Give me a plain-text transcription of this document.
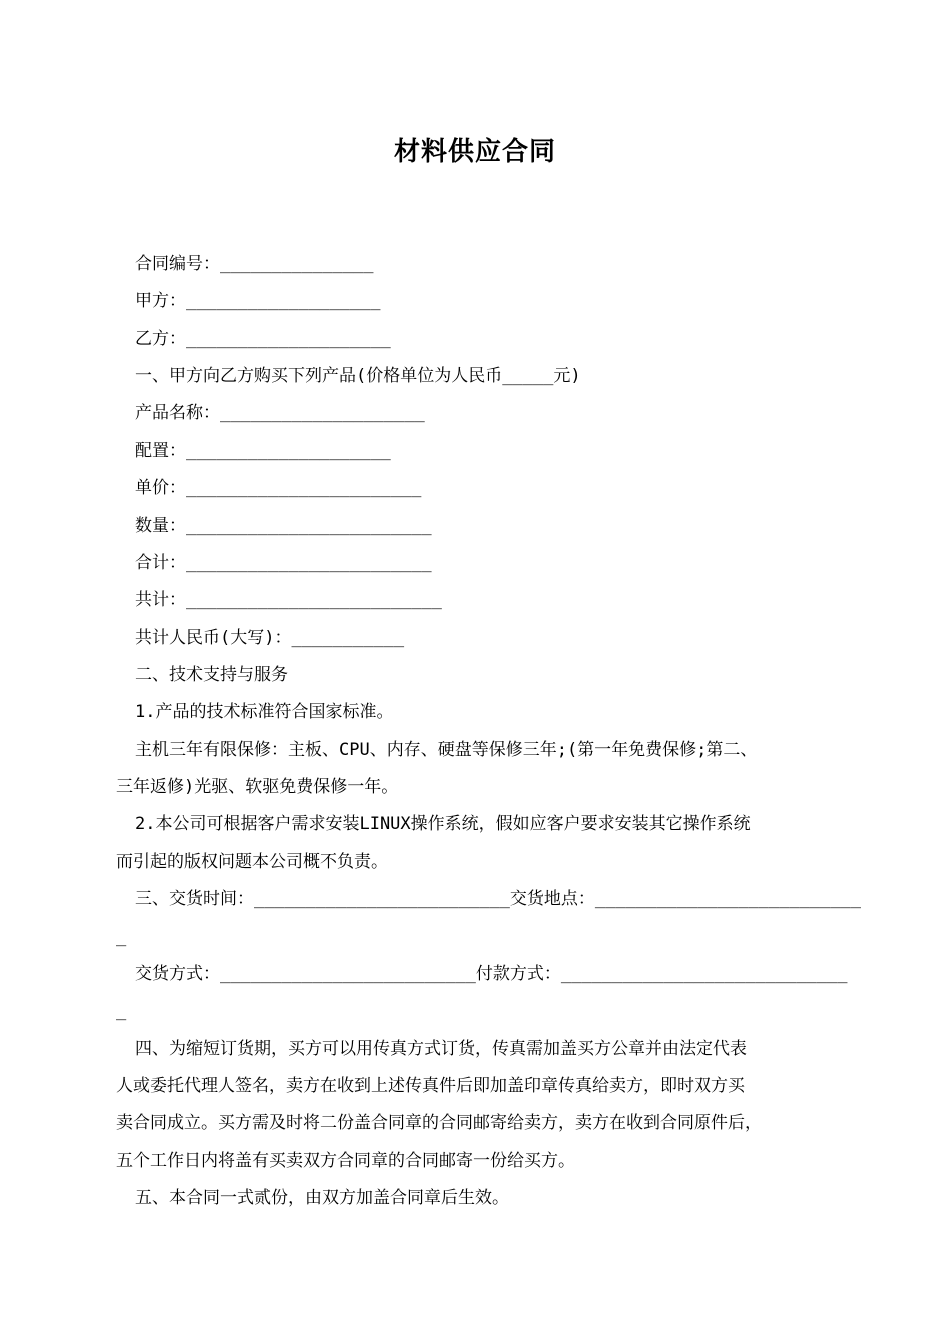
材料供应合同
合同编号：_______________
甲方：___________________
乙方：____________________
一、甲方向乙方购买下列产品(价格单位为人民币_____元)
产品名称：____________________
配置：____________________
单价：_______________________
数量：________________________
合计：________________________
共计：_________________________
共计人民币(大写)：___________
二、技术支持与服务
1.产品的技术标准符合国家标准。
主机三年有限保修：主板、CPU、内存、硬盘等保修三年;(第一年免费保修;第二、
三年返修)光驱、软驱免费保修一年。
2.本公司可根据客户需求安装LINUX操作系统，假如应客户要求安装其它操作系统
而引起的版权问题本公司概不负责。
三、交货时间：_________________________交货地点：__________________________
_
交货方式：_________________________付款方式：____________________________
_
四、为缩短订货期，买方可以用传真方式订货，传真需加盖买方公章并由法定代表
人或委托代理人签名，卖方在收到上述传真件后即加盖印章传真给卖方，即时双方买
卖合同成立。买方需及时将二份盖合同章的合同邮寄给卖方，卖方在收到合同原件后，
五个工作日内将盖有买卖双方合同章的合同邮寄一份给买方。
五、本合同一式贰份，由双方加盖合同章后生效。
